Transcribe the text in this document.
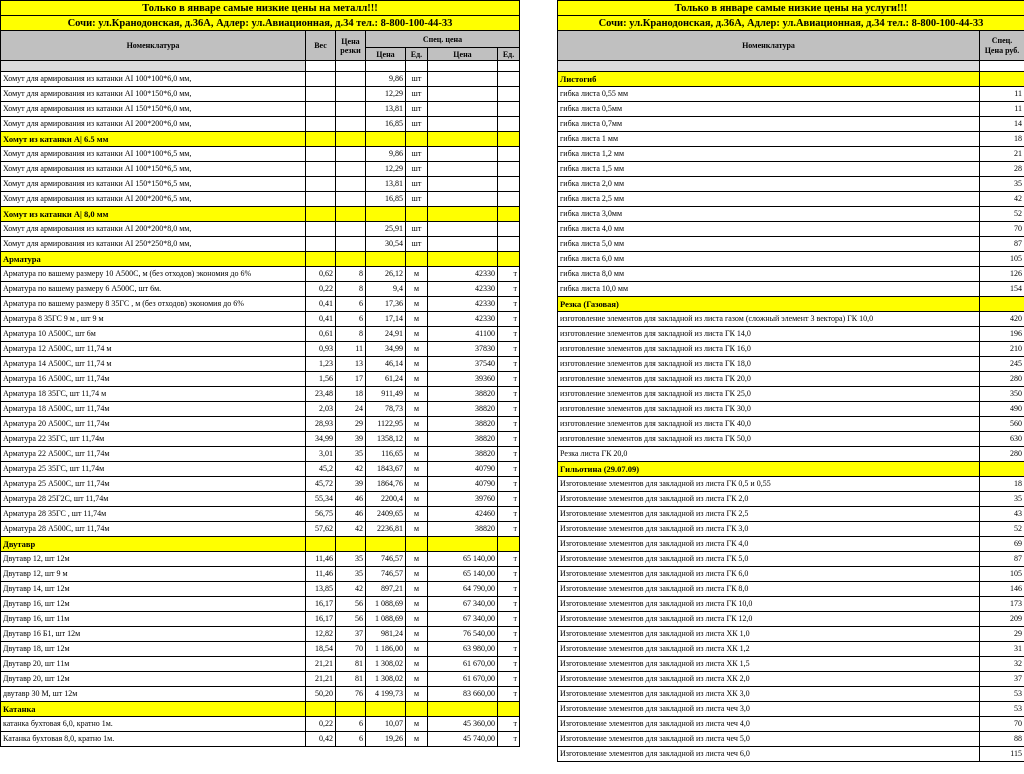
Только в январе самые низкие цены на металл!!!						
Сочи: ул.Кранодонская, д.36А, Адлер: ул.Авиационная, д.34 тел.: 8-800-100-44-33						
Номенклатура	Вес	Цена резки	Спец. цена			
			Цена	Ед.	Цена	Ед.

Хомут для армирования из катанки AI 100*100*6,0 мм,			9,86	шт		
Хомут для армирования из катанки AI 100*150*6,0 мм,			12,29	шт		
Хомут для армирования из катанки AI 150*150*6,0 мм,			13,81	шт		
Хомут для армирования из катанки AI 200*200*6,0 мм,			16,85	шт		
Хомут из катанки А| 6.5 мм						
Хомут для армирования из катанки AI 100*100*6,5 мм,			9,86	шт		
Хомут для армирования из катанки AI 100*150*6,5 мм,			12,29	шт		
Хомут для армирования из катанки AI 150*150*6,5 мм,			13,81	шт		
Хомут для армирования из катанки AI 200*200*6,5 мм,			16,85	шт		
Хомут из катанки А| 8,0 мм						
Хомут для армирования из катанки AI 200*200*8,0 мм,			25,91	шт		
Хомут для армирования из катанки AI 250*250*8,0 мм,			30,54	шт		
Арматура						
Арматура по вашему размеру 10 А500С, м (без отходов) экономия до 6%	0,62	8	26,12	м	42330	т
Арматура по вашему размеру 6 А500С, шт 6м.	0,22	8	9,4	м	42330	т
Арматура по вашему размеру 8 35ГС , м (без отходов) экономия до 6%	0,41	6	17,36	м	42330	т
Арматура 8 35ГС 9 м , шт 9 м	0,41	6	17,14	м	42330	т
Арматура 10 А500С, шт 6м	0,61	8	24,91	м	41100	т
Арматура 12 А500С, шт 11,74 м	0,93	11	34,99	м	37830	т
Арматура 14 А500С, шт 11,74 м	1,23	13	46,14	м	37540	т
Арматура 16 А500С, шт 11,74м	1,56	17	61,24	м	39360	т
Арматура 18 35ГС, шт 11,74 м	23,48	18	911,49	м	38820	т
Арматура 18 А500С, шт 11,74м	2,03	24	78,73	м	38820	т
Арматура 20 А500С, шт 11,74м	28,93	29	1122,95	м	38820	т
Арматура 22 35ГС, шт 11,74м	34,99	39	1358,12	м	38820	т
Арматура 22 А500С, шт 11,74м	3,01	35	116,65	м	38820	т
Арматура 25 35ГС, шт 11,74м	45,2	42	1843,67	м	40790	т
Арматура 25 А500С, шт 11,74м	45,72	39	1864,76	м	40790	т
Арматура 28 25Г2С, шт 11,74м	55,34	46	2200,4	м	39760	т
Арматура 28 35ГС , шт 11,74м	56,75	46	2409,65	м	42460	т
Арматура 28 А500С, шт 11,74м	57,62	42	2236,81	м	38820	т
Двутавр						
Двутавр 12, шт 12м	11,46	35	746,57	м	65 140,00	т
Двутавр 12, шт 9 м	11,46	35	746,57	м	65 140,00	т
Двутавр 14, шт 12м	13,85	42	897,21	м	64 790,00	т
Двутавр 16, шт 12м	16,17	56	1 088,69	м	67 340,00	т
Двутавр 16, шт 11м	16,17	56	1 088,69	м	67 340,00	т
Двутавр 16 Б1, шт 12м	12,82	37	981,24	м	76 540,00	т
Двутавр 18, шт 12м	18,54	70	1 186,00	м	63 980,00	т
Двутавр 20, шт 11м	21,21	81	1 308,02	м	61 670,00	т
Двутавр 20, шт 12м	21,21	81	1 308,02	м	61 670,00	т
двутавр 30 М, шт 12м	50,20	76	4 199,73	м	83 660,00	т
Катанка						
катанка бухтовая 6,0, кратно 1м.	0,22	6	10,07	м	45 360,00	т
Катанка бухтовая 8,0, кратно 1м.	0,42	6	19,26	м	45 740,00	т
Только в январе самые низкие цены на услуги!!!	
Сочи: ул.Кранодонская, д.36А, Адлер: ул.Авиационная, д.34 тел.: 8-800-100-44-33	
Номенклатура	Спец. Цена руб.

Листогиб	
гибка листа 0,55 мм	11
гибка листа 0,5мм	11
гибка листа 0,7мм	14
гибка листа 1 мм	18
гибка листа 1,2 мм	21
гибка листа 1,5 мм	28
гибка листа 2,0 мм	35
гибка листа 2,5 мм	42
гибка листа 3,0мм	52
гибка листа 4,0 мм	70
гибка листа 5,0 мм	87
гибка листа 6,0 мм	105
гибка листа 8,0 мм	126
гибка листа 10,0 мм	154
Резка (Газовая)	
изготовление элементов для закладной из листа газом (сложный элемент 3 вектора) ГК 10,0	420
изготовление элементов для закладной из листа ГК 14,0	196
изготовление элементов для закладной из листа ГК 16,0	210
изготовление элементов для закладной из листа ГК 18,0	245
изготовление элементов для закладной из листа ГК 20,0	280
изготовление элементов для закладной из листа ГК 25,0	350
изготовление элементов для закладной из листа ГК 30,0	490
изготовление элементов для закладной из листа ГК 40,0	560
изготовление элементов для закладной из листа ГК 50,0	630
Резка листа ГК 20,0	280
Гильотина (29.07.09)	
Изготовление элементов для закладной из листа ГК 0,5 и 0,55	18
Изготовление элементов для закладной из листа ГК 2,0	35
Изготовление элементов для закладной из листа ГК 2,5	43
Изготовление элементов для закладной из листа ГК 3,0	52
Изготовление элементов для закладной из листа ГК 4,0	69
Изготовление элементов для закладной из листа ГК 5,0	87
Изготовление элементов для закладной из листа ГК 6,0	105
Изготовление элементов для закладной из листа ГК 8,0	146
Изготовление элементов для закладной из листа ГК 10,0	173
Изготовление элементов для закладной из листа ГК 12,0	209
Изготовление элементов для закладной из листа ХК 1,0	29
Изготовление элементов для закладной из листа ХК 1,2	31
Изготовление элементов для закладной из листа ХК 1,5	32
Изготовление элементов для закладной из листа ХК 2,0	37
Изготовление элементов для закладной из листа ХК 3,0	53
Изготовление элементов для закладной из листа чеч 3,0	53
Изготовление элементов для закладной из листа чеч 4,0	70
Изготовление элементов для закладной из листа чеч 5,0	88
Изготовление элементов для закладной из листа чеч 6,0	115
